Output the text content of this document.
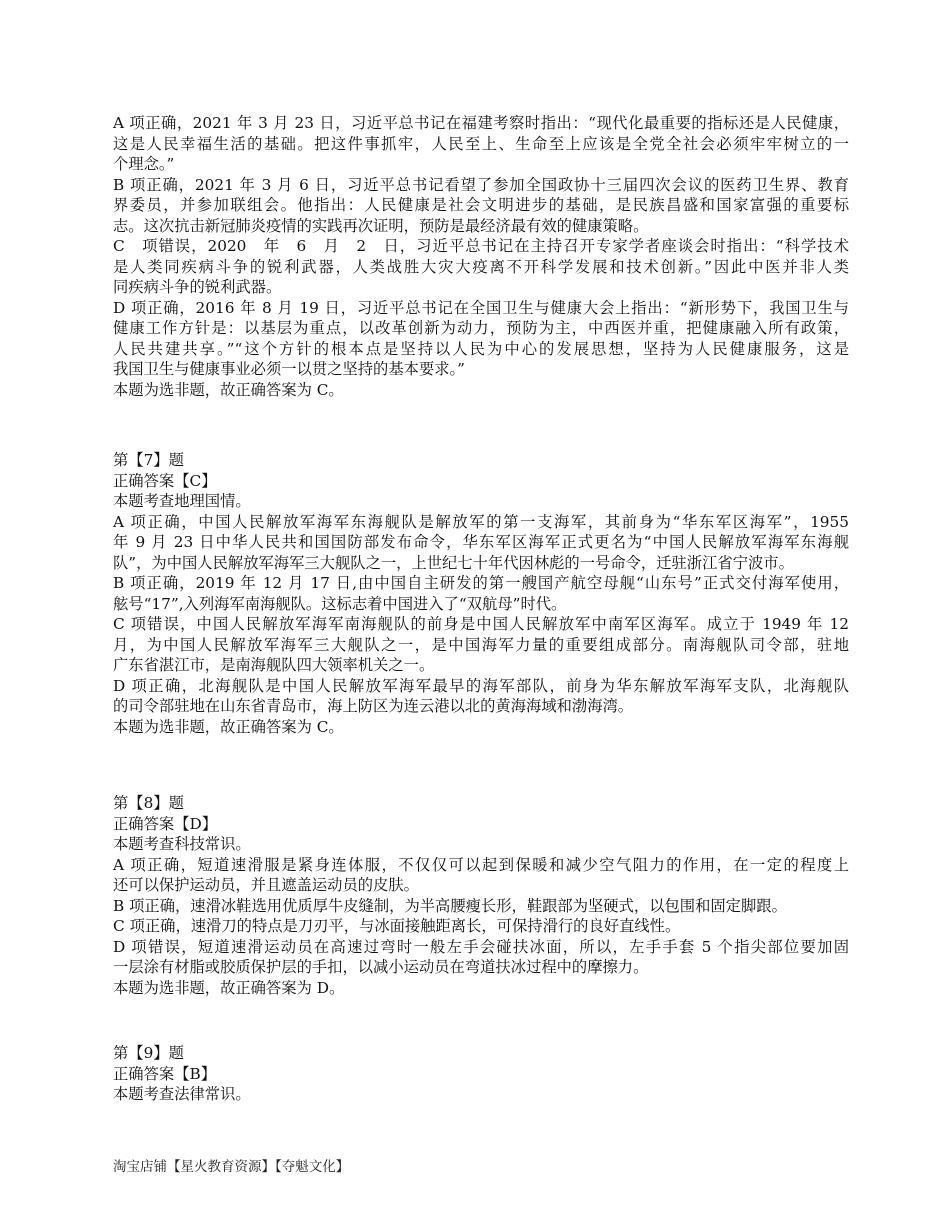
A 项正确，2021 年 3 月 23 日，习近平总书记在福建考察时指出：“现代化最重要的指标还是人民健康，
这是人民幸福生活的基础。把这件事抓牢，人民至上、生命至上应该是全党全社会必须牢牢树立的一
个理念。”
B 项正确，2021 年 3 月 6 日，习近平总书记看望了参加全国政协十三届四次会议的医药卫生界、教育
界委员，并参加联组会。他指出：人民健康是社会文明进步的基础，是民族昌盛和国家富强的重要标
志。这次抗击新冠肺炎疫情的实践再次证明，预防是最经济最有效的健康策略。
C　项错误，2020　年　6　月　2　日，习近平总书记在主持召开专家学者座谈会时指出：“科学技术
是人类同疾病斗争的锐利武器，人类战胜大灾大疫离不开科学发展和技术创新。”因此中医并非人类
同疾病斗争的锐利武器。
D 项正确，2016 年 8 月 19 日，习近平总书记在全国卫生与健康大会上指出：“新形势下，我国卫生与
健康工作方针是：以基层为重点，以改革创新为动力，预防为主，中西医并重，把健康融入所有政策，
人民共建共享。”“这个方针的根本点是坚持以人民为中心的发展思想，坚持为人民健康服务，这是
我国卫生与健康事业必须一以贯之坚持的基本要求。”
本题为选非题，故正确答案为 C。
第【7】题
正确答案【C】
本题考查地理国情。
A 项正确，中国人民解放军海军东海舰队是解放军的第一支海军，其前身为“华东军区海军”，1955
年 9 月 23 日中华人民共和国国防部发布命令，华东军区海军正式更名为“中国人民解放军海军东海舰
队”，为中国人民解放军海军三大舰队之一，上世纪七十年代因林彪的一号命令，迁驻浙江省宁波市。
B 项正确，2019 年 12 月 17 日,由中国自主研发的第一艘国产航空母舰“山东号”正式交付海军使用，
舷号“17”,入列海军南海舰队。这标志着中国进入了“双航母”时代。
C 项错误，中国人民解放军海军南海舰队的前身是中国人民解放军中南军区海军。成立于 1949 年 12
月，为中国人民解放军海军三大舰队之一，是中国海军力量的重要组成部分。南海舰队司令部，驻地
广东省湛江市，是南海舰队四大领率机关之一。
D 项正确，北海舰队是中国人民解放军海军最早的海军部队，前身为华东解放军海军支队，北海舰队
的司令部驻地在山东省青岛市，海上防区为连云港以北的黄海海域和渤海湾。
本题为选非题，故正确答案为 C。
第【8】题
正确答案【D】
本题考查科技常识。
A 项正确，短道速滑服是紧身连体服，不仅仅可以起到保暖和减少空气阻力的作用，在一定的程度上
还可以保护运动员，并且遮盖运动员的皮肤。
B 项正确，速滑冰鞋选用优质厚牛皮缝制，为半高腰瘦长形，鞋跟部为坚硬式，以包围和固定脚跟。
C 项正确，速滑刀的特点是刀刃平，与冰面接触距离长，可保持滑行的良好直线性。
D 项错误，短道速滑运动员在高速过弯时一般左手会碰扶冰面，所以，左手手套 5 个指尖部位要加固
一层涂有材脂或胶质保护层的手扣，以减小运动员在弯道扶冰过程中的摩擦力。
本题为选非题，故正确答案为 D。
第【9】题
正确答案【B】
本题考查法律常识。
淘宝店铺【星火教育资源】【夺魁文化】
